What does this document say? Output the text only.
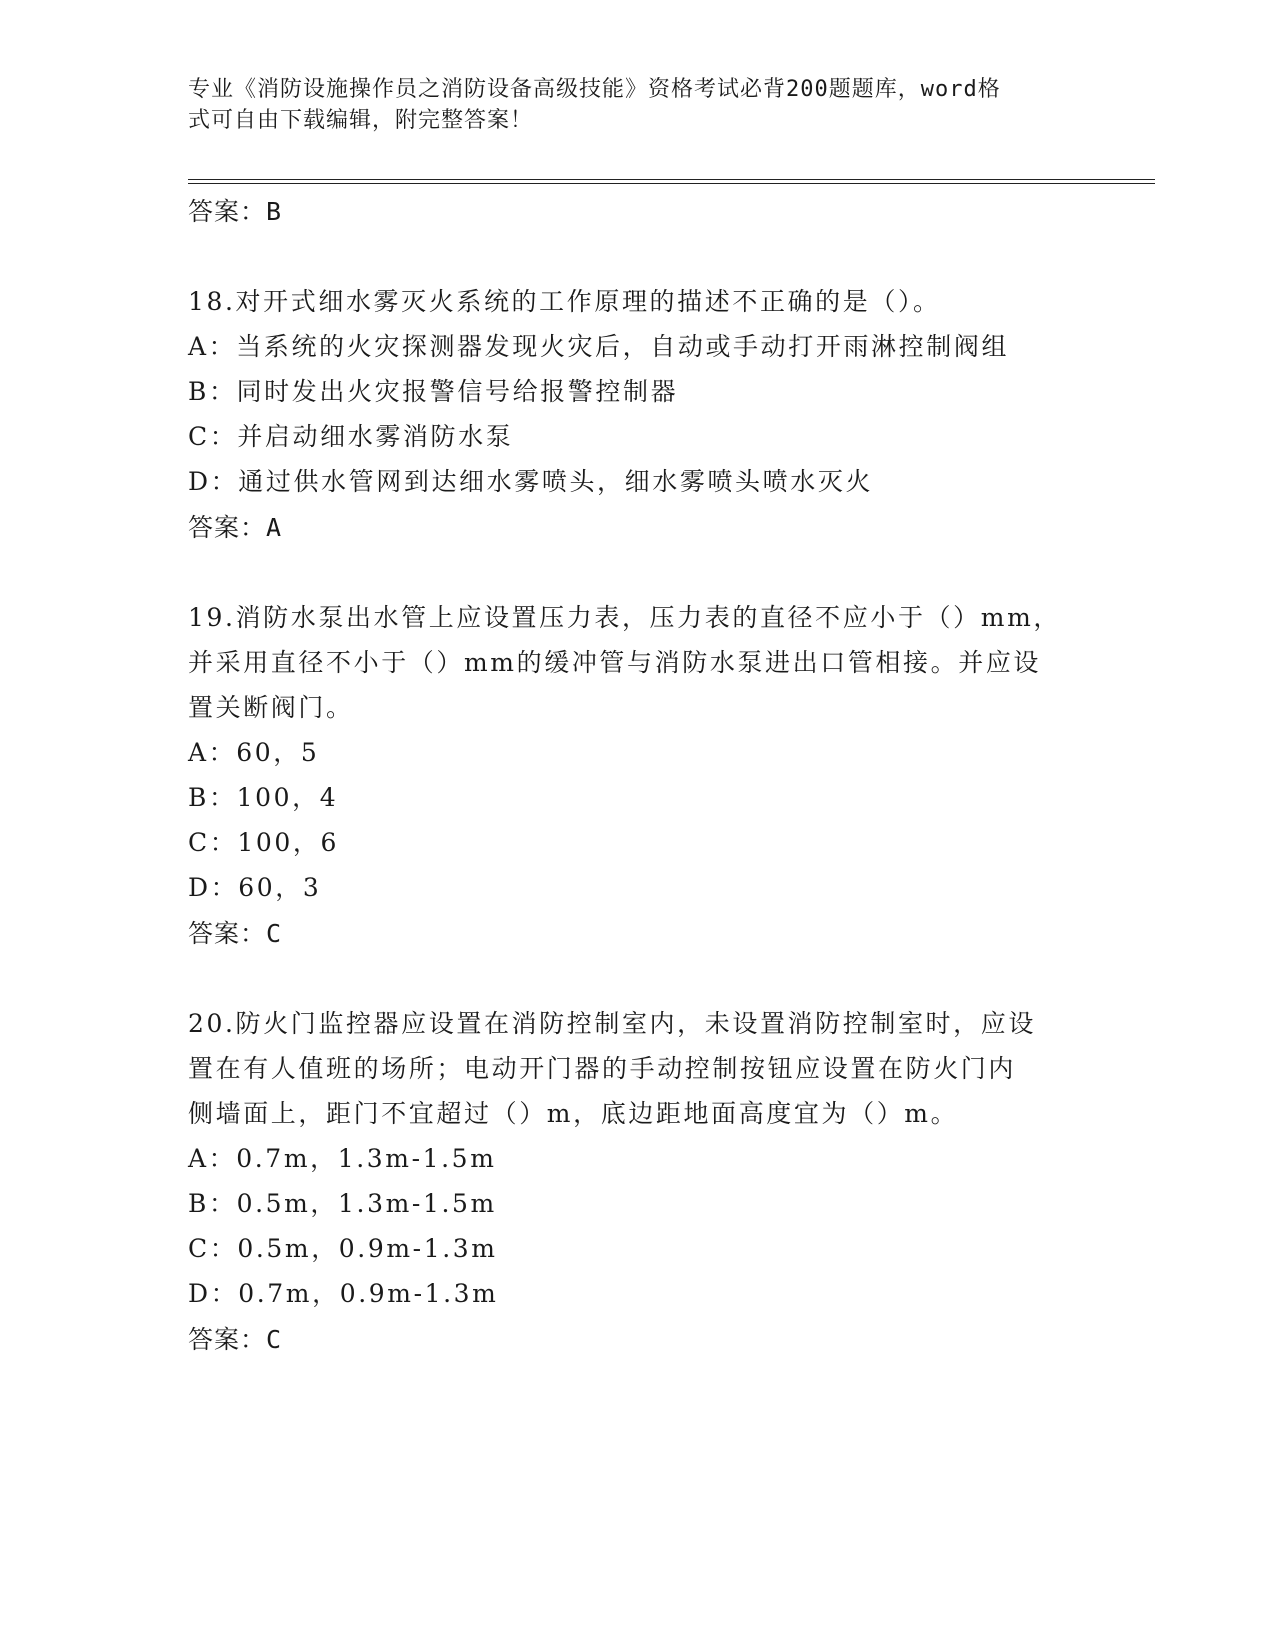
专业《消防设施操作员之消防设备高级技能》资格考试必背200题题库，word格
式可自由下载编辑，附完整答案！
答案：B
18.对开式细水雾灭火系统的工作原理的描述不正确的是（）。
A：当系统的火灾探测器发现火灾后，自动或手动打开雨淋控制阀组
B：同时发出火灾报警信号给报警控制器
C：并启动细水雾消防水泵
D：通过供水管网到达细水雾喷头，细水雾喷头喷水灭火
答案：A
19.消防水泵出水管上应设置压力表，压力表的直径不应小于（）mm，
并采用直径不小于（）mm的缓冲管与消防水泵进出口管相接。并应设
置关断阀门。
A：60，5
B：100，4
C：100，6
D：60，3
答案：C
20.防火门监控器应设置在消防控制室内，未设置消防控制室时，应设
置在有人值班的场所；电动开门器的手动控制按钮应设置在防火门内
侧墙面上，距门不宜超过（）m，底边距地面高度宜为（）m。
A：0.7m，1.3m-1.5m
B：0.5m，1.3m-1.5m
C：0.5m，0.9m-1.3m
D：0.7m，0.9m-1.3m
答案：C
